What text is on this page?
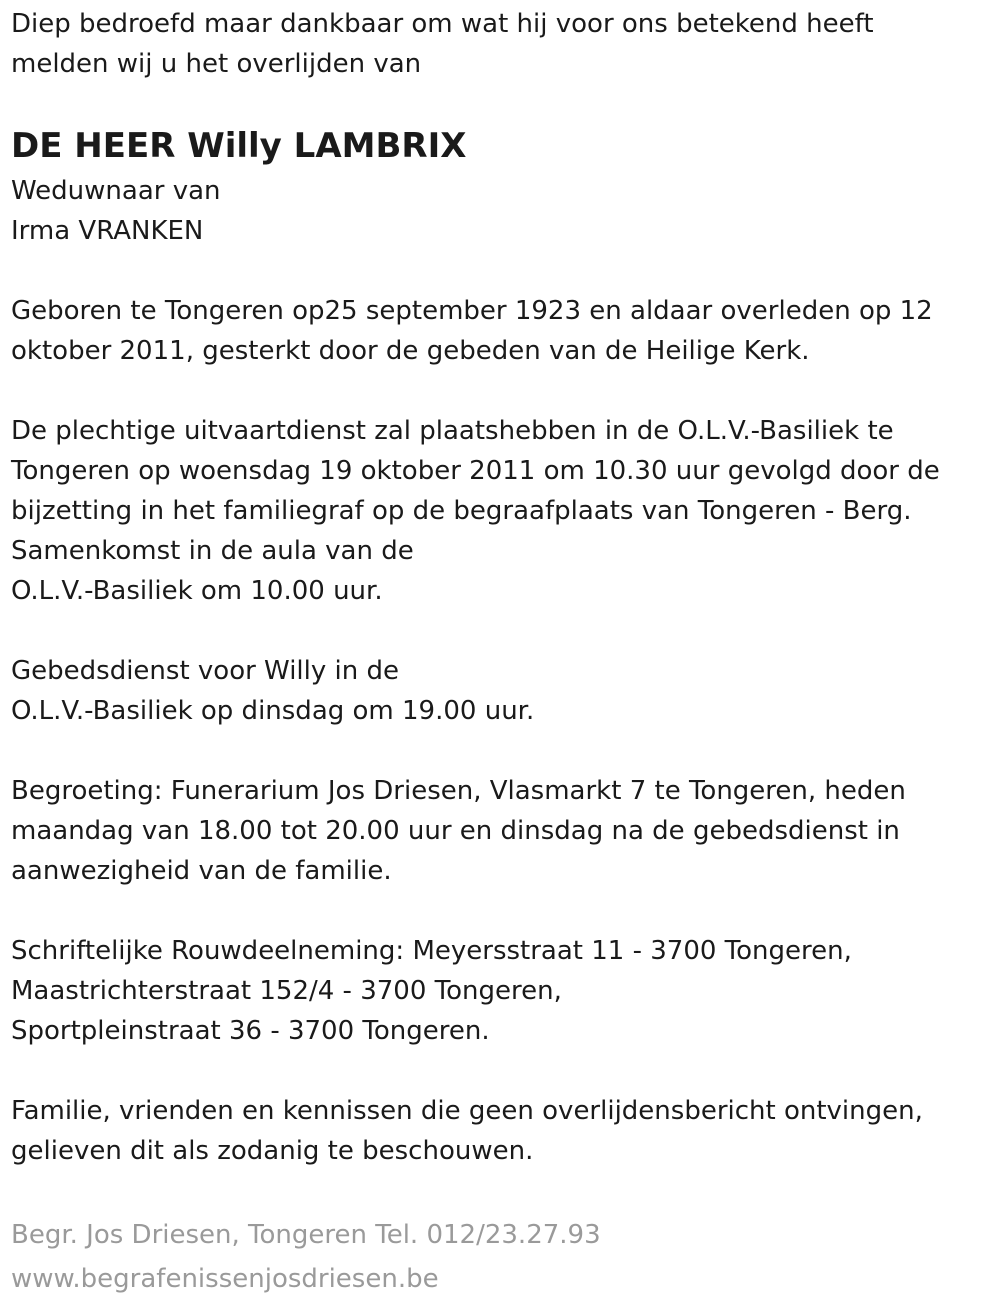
Diep bedroefd maar dankbaar om wat hij voor ons betekend heeft
melden wij u het overlijden van
DE HEER Willy LAMBRIX
Weduwnaar van
Irma VRANKEN
Geboren te Tongeren op25 september 1923 en aldaar overleden op 12
oktober 2011, gesterkt door de gebeden van de Heilige Kerk.
De plechtige uitvaartdienst zal plaatshebben in de O.L.V.-Basiliek te
Tongeren op woensdag 19 oktober 2011 om 10.30 uur gevolgd door de
bijzetting in het familiegraf op de begraafplaats van Tongeren - Berg.
Samenkomst in de aula van de
O.L.V.-Basiliek om 10.00 uur.
Gebedsdienst voor Willy in de
O.L.V.-Basiliek op dinsdag om 19.00 uur.
Begroeting: Funerarium Jos Driesen, Vlasmarkt 7 te Tongeren, heden
maandag van 18.00 tot 20.00 uur en dinsdag na de gebedsdienst in
aanwezigheid van de familie.
Schriftelijke Rouwdeelneming: Meyersstraat 11 - 3700 Tongeren,
Maastrichterstraat 152/4 - 3700 Tongeren,
Sportpleinstraat 36 - 3700 Tongeren.
Familie, vrienden en kennissen die geen overlijdensbericht ontvingen,
gelieven dit als zodanig te beschouwen.
Begr. Jos Driesen, Tongeren Tel. 012/23.27.93
www.begrafenissenjosdriesen.be
